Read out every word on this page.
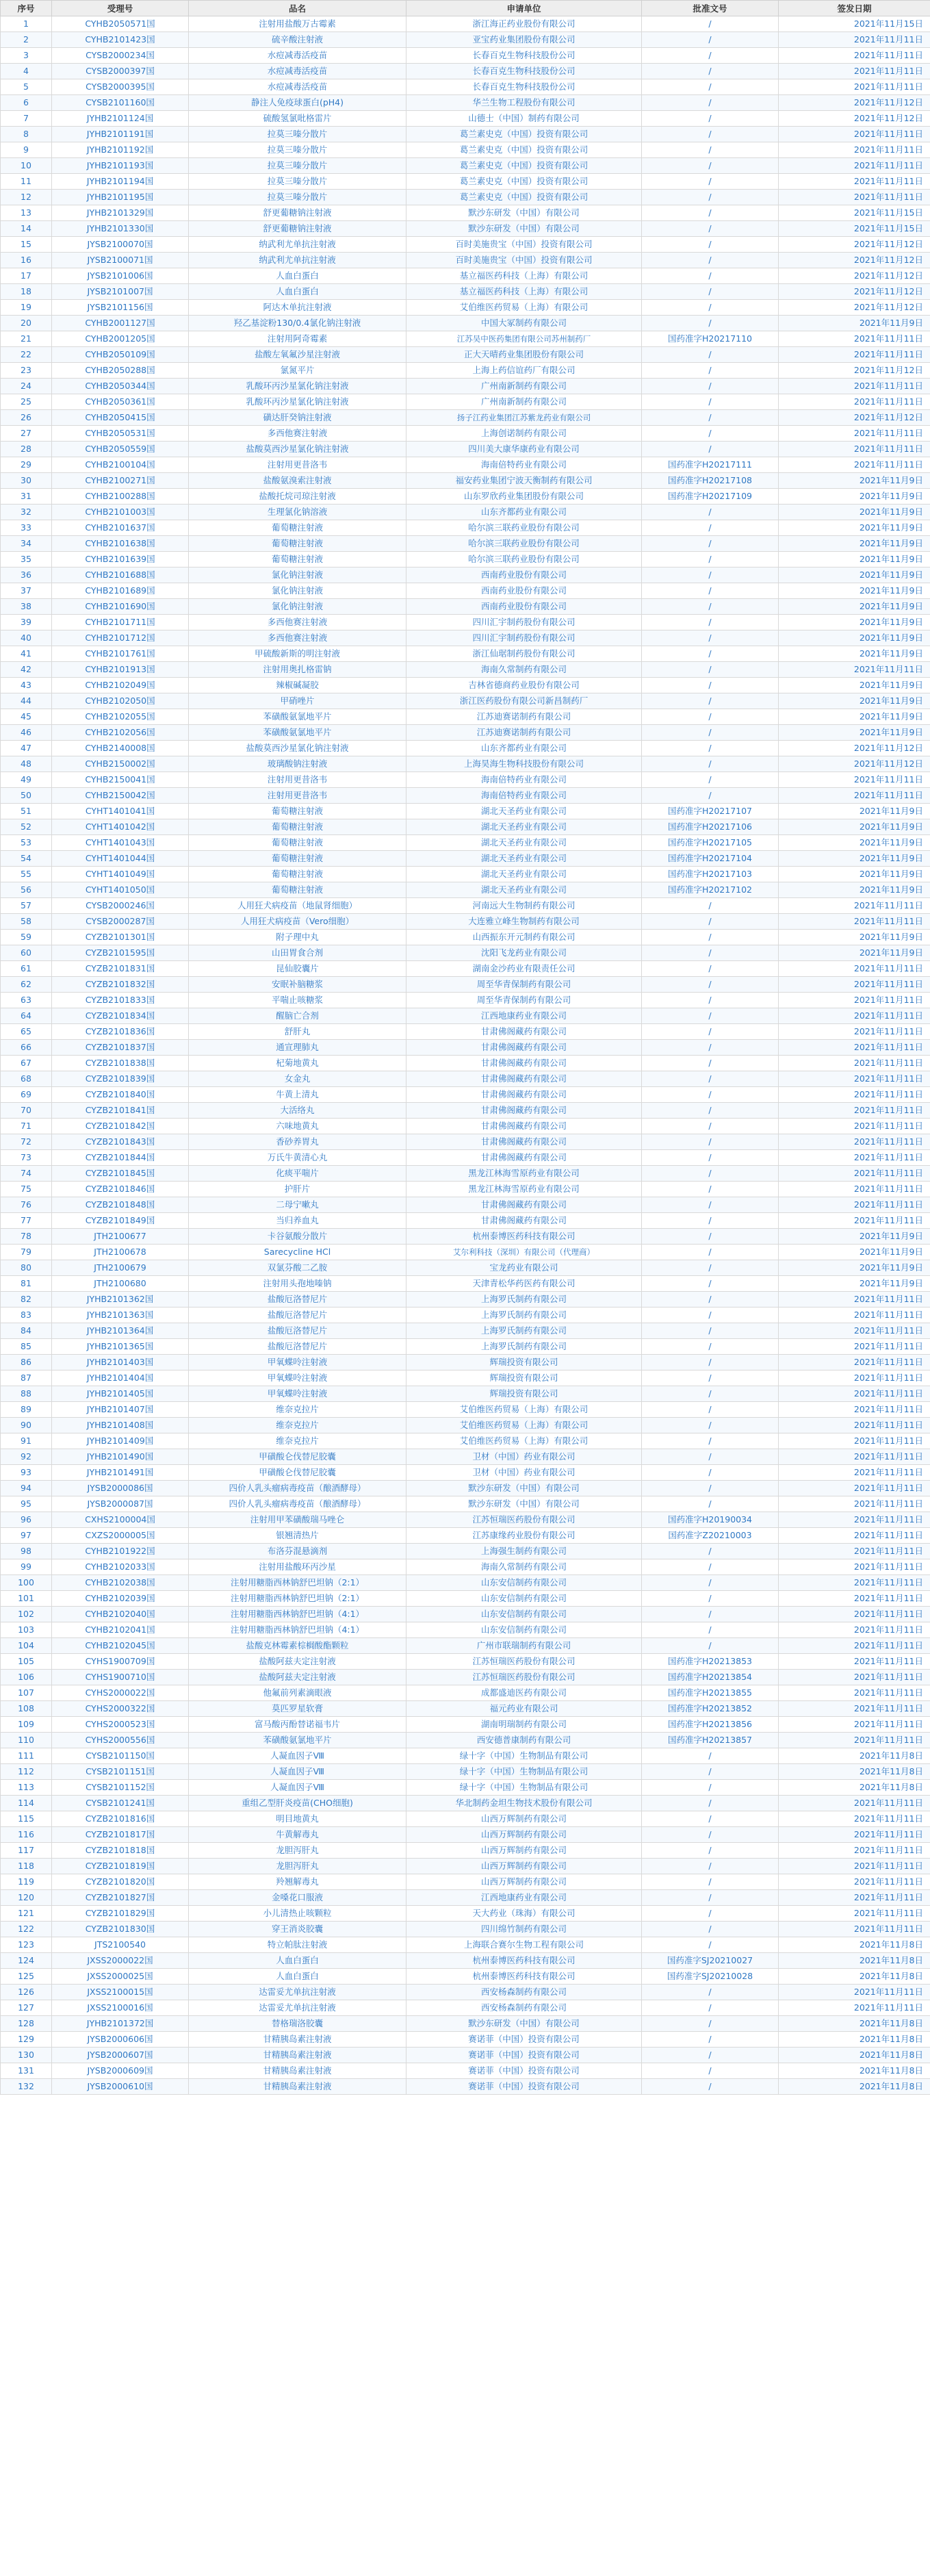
序号	受理号	品名	申请单位	批准文号	签发日期
1	CYHB2050571国	注射用盐酸万古霉素	浙江海正药业股份有限公司	/	2021年11月15日
2	CYHB2101423国	硫辛酸注射液	亚宝药业集团股份有限公司	/	2021年11月11日
3	CYSB2000234国	水痘减毒活疫苗	长春百克生物科技股份公司	/	2021年11月11日
4	CYSB2000397国	水痘减毒活疫苗	长春百克生物科技股份公司	/	2021年11月11日
5	CYSB2000395国	水痘减毒活疫苗	长春百克生物科技股份公司	/	2021年11月11日
6	CYSB2101160国	静注人免疫球蛋白(pH4)	华兰生物工程股份有限公司	/	2021年11月12日
7	JYHB2101124国	硫酸氢氯吡格雷片	山德士（中国）制药有限公司	/	2021年11月12日
8	JYHB2101191国	拉莫三嗪分散片	葛兰素史克（中国）投资有限公司	/	2021年11月11日
9	JYHB2101192国	拉莫三嗪分散片	葛兰素史克（中国）投资有限公司	/	2021年11月11日
10	JYHB2101193国	拉莫三嗪分散片	葛兰素史克（中国）投资有限公司	/	2021年11月11日
11	JYHB2101194国	拉莫三嗪分散片	葛兰素史克（中国）投资有限公司	/	2021年11月11日
12	JYHB2101195国	拉莫三嗪分散片	葛兰素史克（中国）投资有限公司	/	2021年11月11日
13	JYHB2101329国	舒更葡糖钠注射液	默沙东研发（中国）有限公司	/	2021年11月15日
14	JYHB2101330国	舒更葡糖钠注射液	默沙东研发（中国）有限公司	/	2021年11月15日
15	JYSB2100070国	纳武利尤单抗注射液	百时美施贵宝（中国）投资有限公司	/	2021年11月12日
16	JYSB2100071国	纳武利尤单抗注射液	百时美施贵宝（中国）投资有限公司	/	2021年11月12日
17	JYSB2101006国	人血白蛋白	基立福医药科技（上海）有限公司	/	2021年11月12日
18	JYSB2101007国	人血白蛋白	基立福医药科技（上海）有限公司	/	2021年11月12日
19	JYSB2101156国	阿达木单抗注射液	艾伯维医药贸易（上海）有限公司	/	2021年11月12日
20	CYHB2001127国	羟乙基淀粉130/0.4氯化钠注射液	中国大冢制药有限公司	/	2021年11月9日
21	CYHB2001205国	注射用阿奇霉素	江苏吴中医药集团有限公司苏州制药厂	国药准字H20217110	2021年11月11日
22	CYHB2050109国	盐酸左氧氟沙星注射液	正大天晴药业集团股份有限公司	/	2021年11月11日
23	CYHB2050288国	氯氮平片	上海上药信谊药厂有限公司	/	2021年11月12日
24	CYHB2050344国	乳酸环丙沙星氯化钠注射液	广州南新制药有限公司	/	2021年11月11日
25	CYHB2050361国	乳酸环丙沙星氯化钠注射液	广州南新制药有限公司	/	2021年11月11日
26	CYHB2050415国	磺达肝癸钠注射液	扬子江药业集团江苏紫龙药业有限公司	/	2021年11月12日
27	CYHB2050531国	多西他赛注射液	上海创诺制药有限公司	/	2021年11月11日
28	CYHB2050559国	盐酸莫西沙星氯化钠注射液	四川美大康华康药业有限公司	/	2021年11月11日
29	CYHB2100104国	注射用更昔洛韦	海南倍特药业有限公司	国药准字H20217111	2021年11月11日
30	CYHB2100271国	盐酸氨溴索注射液	福安药业集团宁波天衡制药有限公司	国药准字H20217108	2021年11月9日
31	CYHB2100288国	盐酸托烷司琼注射液	山东罗欣药业集团股份有限公司	国药准字H20217109	2021年11月9日
32	CYHB2101003国	生理氯化钠溶液	山东齐都药业有限公司	/	2021年11月9日
33	CYHB2101637国	葡萄糖注射液	哈尔滨三联药业股份有限公司	/	2021年11月9日
34	CYHB2101638国	葡萄糖注射液	哈尔滨三联药业股份有限公司	/	2021年11月9日
35	CYHB2101639国	葡萄糖注射液	哈尔滨三联药业股份有限公司	/	2021年11月9日
36	CYHB2101688国	氯化钠注射液	西南药业股份有限公司	/	2021年11月9日
37	CYHB2101689国	氯化钠注射液	西南药业股份有限公司	/	2021年11月9日
38	CYHB2101690国	氯化钠注射液	西南药业股份有限公司	/	2021年11月9日
39	CYHB2101711国	多西他赛注射液	四川汇宇制药股份有限公司	/	2021年11月9日
40	CYHB2101712国	多西他赛注射液	四川汇宇制药股份有限公司	/	2021年11月9日
41	CYHB2101761国	甲硫酸新斯的明注射液	浙江仙琚制药股份有限公司	/	2021年11月9日
42	CYHB2101913国	注射用奥扎格雷钠	海南久常制药有限公司	/	2021年11月11日
43	CYHB2102049国	辣椒碱凝胶	吉林省德商药业股份有限公司	/	2021年11月9日
44	CYHB2102050国	甲硝唑片	浙江医药股份有限公司新昌制药厂	/	2021年11月9日
45	CYHB2102055国	苯磺酸氨氯地平片	江苏迪赛诺制药有限公司	/	2021年11月9日
46	CYHB2102056国	苯磺酸氨氯地平片	江苏迪赛诺制药有限公司	/	2021年11月9日
47	CYHB2140008国	盐酸莫西沙星氯化钠注射液	山东齐都药业有限公司	/	2021年11月12日
48	CYHB2150002国	玻璃酸钠注射液	上海昊海生物科技股份有限公司	/	2021年11月12日
49	CYHB2150041国	注射用更昔洛韦	海南倍特药业有限公司	/	2021年11月11日
50	CYHB2150042国	注射用更昔洛韦	海南倍特药业有限公司	/	2021年11月11日
51	CYHT1401041国	葡萄糖注射液	湖北天圣药业有限公司	国药准字H20217107	2021年11月9日
52	CYHT1401042国	葡萄糖注射液	湖北天圣药业有限公司	国药准字H20217106	2021年11月9日
53	CYHT1401043国	葡萄糖注射液	湖北天圣药业有限公司	国药准字H20217105	2021年11月9日
54	CYHT1401044国	葡萄糖注射液	湖北天圣药业有限公司	国药准字H20217104	2021年11月9日
55	CYHT1401049国	葡萄糖注射液	湖北天圣药业有限公司	国药准字H20217103	2021年11月9日
56	CYHT1401050国	葡萄糖注射液	湖北天圣药业有限公司	国药准字H20217102	2021年11月9日
57	CYSB2000246国	人用狂犬病疫苗（地鼠肾细胞）	河南远大生物制药有限公司	/	2021年11月11日
58	CYSB2000287国	人用狂犬病疫苗（Vero细胞）	大连雅立峰生物制药有限公司	/	2021年11月11日
59	CYZB2101301国	附子理中丸	山西振东开元制药有限公司	/	2021年11月9日
60	CYZB2101595国	山田胃食合剂	沈阳飞龙药业有限公司	/	2021年11月9日
61	CYZB2101831国	昆仙胶囊片	湖南金沙药业有限责任公司	/	2021年11月11日
62	CYZB2101832国	安眠补脑糖浆	周至华青保制药有限公司	/	2021年11月11日
63	CYZB2101833国	平喘止咳糖浆	周至华青保制药有限公司	/	2021年11月11日
64	CYZB2101834国	醒脑亡合剂	江西地康药业有限公司	/	2021年11月11日
65	CYZB2101836国	舒肝丸	甘肃佛阁藏药有限公司	/	2021年11月11日
66	CYZB2101837国	通宣理肺丸	甘肃佛阁藏药有限公司	/	2021年11月11日
67	CYZB2101838国	杞菊地黄丸	甘肃佛阁藏药有限公司	/	2021年11月11日
68	CYZB2101839国	女金丸	甘肃佛阁藏药有限公司	/	2021年11月11日
69	CYZB2101840国	牛黄上清丸	甘肃佛阁藏药有限公司	/	2021年11月11日
70	CYZB2101841国	大活络丸	甘肃佛阁藏药有限公司	/	2021年11月11日
71	CYZB2101842国	六味地黄丸	甘肃佛阁藏药有限公司	/	2021年11月11日
72	CYZB2101843国	香砂养胃丸	甘肃佛阁藏药有限公司	/	2021年11月11日
73	CYZB2101844国	万氏牛黄清心丸	甘肃佛阁藏药有限公司	/	2021年11月11日
74	CYZB2101845国	化痰平喘片	黑龙江林海雪原药业有限公司	/	2021年11月11日
75	CYZB2101846国	护肝片	黑龙江林海雪原药业有限公司	/	2021年11月11日
76	CYZB2101848国	二母宁嗽丸	甘肃佛阁藏药有限公司	/	2021年11月11日
77	CYZB2101849国	当归养血丸	甘肃佛阁藏药有限公司	/	2021年11月11日
78	JTH2100677	卡谷氨酸分散片	杭州泰博医药科技有限公司	/	2021年11月9日
79	JTH2100678	Sarecycline HCl	艾尔利科技（深圳）有限公司（代理商）	/	2021年11月9日
80	JTH2100679	双氯芬酸二乙胺	宝龙药业有限公司	/	2021年11月9日
81	JTH2100680	注射用头孢地嗪钠	天津青松华药医药有限公司	/	2021年11月9日
82	JYHB2101362国	盐酸厄洛替尼片	上海罗氏制药有限公司	/	2021年11月11日
83	JYHB2101363国	盐酸厄洛替尼片	上海罗氏制药有限公司	/	2021年11月11日
84	JYHB2101364国	盐酸厄洛替尼片	上海罗氏制药有限公司	/	2021年11月11日
85	JYHB2101365国	盐酸厄洛替尼片	上海罗氏制药有限公司	/	2021年11月11日
86	JYHB2101403国	甲氧蝶呤注射液	辉瑞投资有限公司	/	2021年11月11日
87	JYHB2101404国	甲氧蝶呤注射液	辉瑞投资有限公司	/	2021年11月11日
88	JYHB2101405国	甲氧蝶呤注射液	辉瑞投资有限公司	/	2021年11月11日
89	JYHB2101407国	维奈克拉片	艾伯维医药贸易（上海）有限公司	/	2021年11月11日
90	JYHB2101408国	维奈克拉片	艾伯维医药贸易（上海）有限公司	/	2021年11月11日
91	JYHB2101409国	维奈克拉片	艾伯维医药贸易（上海）有限公司	/	2021年11月11日
92	JYHB2101490国	甲磺酸仑伐替尼胶囊	卫材（中国）药业有限公司	/	2021年11月11日
93	JYHB2101491国	甲磺酸仑伐替尼胶囊	卫材（中国）药业有限公司	/	2021年11月11日
94	JYSB2000086国	四价人乳头瘤病毒疫苗（酿酒酵母）	默沙东研发（中国）有限公司	/	2021年11月11日
95	JYSB2000087国	四价人乳头瘤病毒疫苗（酿酒酵母）	默沙东研发（中国）有限公司	/	2021年11月11日
96	CXHS2100004国	注射用甲苯磺酸瑞马唑仑	江苏恒瑞医药股份有限公司	国药准字H20190034	2021年11月11日
97	CXZS2000005国	银翘清热片	江苏康缘药业股份有限公司	国药准字Z20210003	2021年11月11日
98	CYHB2101922国	布洛芬混悬滴剂	上海强生制药有限公司	/	2021年11月11日
99	CYHB2102033国	注射用盐酸环丙沙星	海南久常制药有限公司	/	2021年11月11日
100	CYHB2102038国	注射用糖脂西林钠舒巴坦钠（2:1）	山东安信制药有限公司	/	2021年11月11日
101	CYHB2102039国	注射用糖脂西林钠舒巴坦钠（2:1）	山东安信制药有限公司	/	2021年11月11日
102	CYHB2102040国	注射用糖脂西林钠舒巴坦钠（4:1）	山东安信制药有限公司	/	2021年11月11日
103	CYHB2102041国	注射用糖脂西林钠舒巴坦钠（4:1）	山东安信制药有限公司	/	2021年11月11日
104	CYHB2102045国	盐酸克林霉素棕榈酸酯颗粒	广州市联瑞制药有限公司	/	2021年11月11日
105	CYHS1900709国	盐酸阿兹夫定注射液	江苏恒瑞医药股份有限公司	国药准字H20213853	2021年11月11日
106	CYHS1900710国	盐酸阿兹夫定注射液	江苏恒瑞医药股份有限公司	国药准字H20213854	2021年11月11日
107	CYHS2000022国	他氟前列素滴眼液	成都盛迪医药有限公司	国药准字H20213855	2021年11月11日
108	CYHS2000322国	莫匹罗星软膏	福元药业有限公司	国药准字H20213852	2021年11月11日
109	CYHS2000523国	富马酸丙酚替诺福韦片	湖南明瑞制药有限公司	国药准字H20213856	2021年11月11日
110	CYHS2000556国	苯磺酸氨氯地平片	西安德普康制药有限公司	国药准字H20213857	2021年11月11日
111	CYSB2101150国	人凝血因子Ⅷ	绿十字（中国）生物制品有限公司	/	2021年11月8日
112	CYSB2101151国	人凝血因子Ⅷ	绿十字（中国）生物制品有限公司	/	2021年11月8日
113	CYSB2101152国	人凝血因子Ⅷ	绿十字（中国）生物制品有限公司	/	2021年11月8日
114	CYSB2101241国	重组乙型肝炎疫苗(CHO细胞)	华北制药金坦生物技术股份有限公司	/	2021年11月11日
115	CYZB2101816国	明目地黄丸	山西万辉制药有限公司	/	2021年11月11日
116	CYZB2101817国	牛黄解毒丸	山西万辉制药有限公司	/	2021年11月11日
117	CYZB2101818国	龙胆泻肝丸	山西万辉制药有限公司	/	2021年11月11日
118	CYZB2101819国	龙胆泻肝丸	山西万辉制药有限公司	/	2021年11月11日
119	CYZB2101820国	羚翘解毒丸	山西万辉制药有限公司	/	2021年11月11日
120	CYZB2101827国	金嗓花口服液	江西地康药业有限公司	/	2021年11月11日
121	CYZB2101829国	小儿清热止咳颗粒	天大药业（珠海）有限公司	/	2021年11月11日
122	CYZB2101830国	穿王消炎胶囊	四川绵竹制药有限公司	/	2021年11月11日
123	JTS2100540	特立帕肽注射液	上海联合赛尔生物工程有限公司	/	2021年11月8日
124	JXSS2000022国	人血白蛋白	杭州泰博医药科技有限公司	国药准字SJ20210027	2021年11月8日
125	JXSS2000025国	人血白蛋白	杭州泰博医药科技有限公司	国药准字SJ20210028	2021年11月8日
126	JXSS2100015国	达雷妥尤单抗注射液	西安杨森制药有限公司	/	2021年11月11日
127	JXSS2100016国	达雷妥尤单抗注射液	西安杨森制药有限公司	/	2021年11月11日
128	JYHB2101372国	替格瑞洛胶囊	默沙东研发（中国）有限公司	/	2021年11月8日
129	JYSB2000606国	甘精胰岛素注射液	赛诺菲（中国）投资有限公司	/	2021年11月8日
130	JYSB2000607国	甘精胰岛素注射液	赛诺菲（中国）投资有限公司	/	2021年11月8日
131	JYSB2000609国	甘精胰岛素注射液	赛诺菲（中国）投资有限公司	/	2021年11月8日
132	JYSB2000610国	甘精胰岛素注射液	赛诺菲（中国）投资有限公司	/	2021年11月8日
